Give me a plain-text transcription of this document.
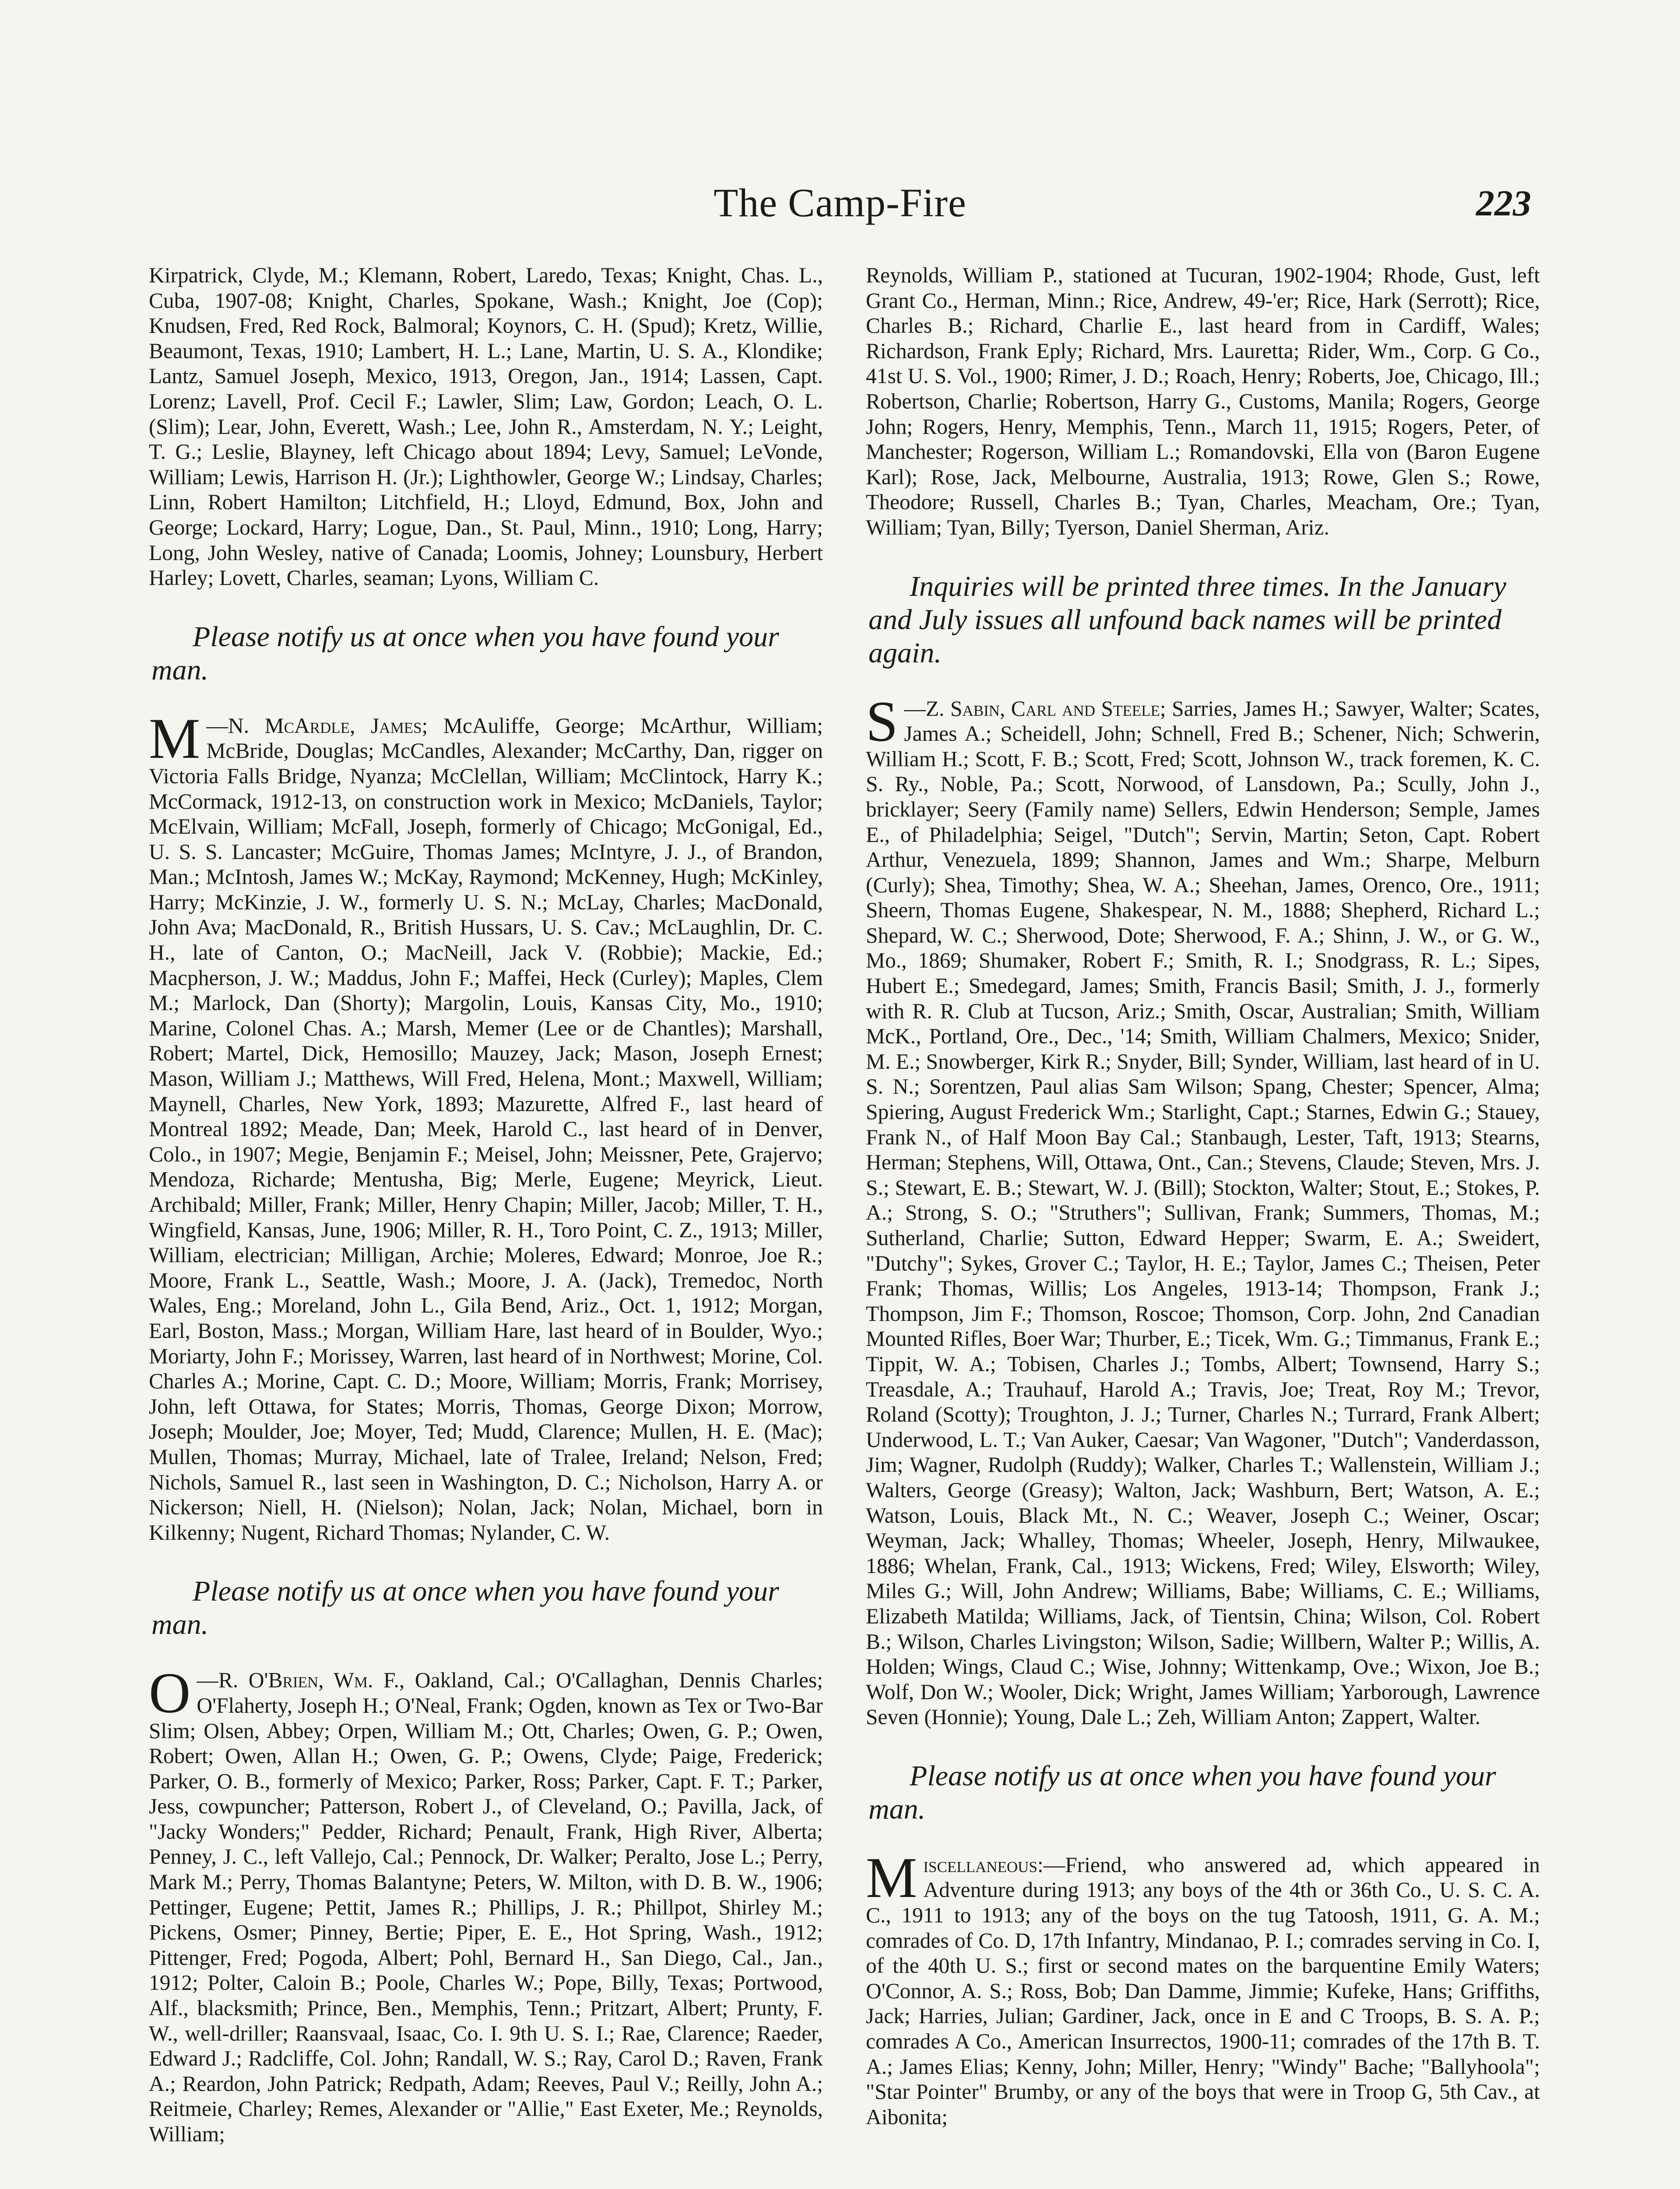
The Camp-Fire	223

Kirpatrick, Clyde, M.; Klemann, Robert, Laredo, Texas; Knight, Chas. L., Cuba, 1907-08; Knight, Charles, Spokane, Wash.; Knight, Joe (Cop); Knudsen, Fred, Red Rock, Balmoral; Koynors, C. H. (Spud); Kretz, Willie, Beaumont, Texas, 1910; Lambert, H. L.; Lane, Martin, U. S. A., Klondike; Lantz, Samuel Joseph, Mexico, 1913, Oregon, Jan., 1914; Lassen, Capt. Lorenz; Lavell, Prof. Cecil F.; Lawler, Slim; Law, Gordon; Leach, O. L. (Slim); Lear, John, Everett, Wash.; Lee, John R., Amsterdam, N. Y.; Leight, T. G.; Leslie, Blayney, left Chicago about 1894; Levy, Samuel; LeVonde, William; Lewis, Harrison H. (Jr.); Lighthowler, George W.; Lindsay, Charles; Linn, Robert Hamilton; Litchfield, H.; Lloyd, Edmund, Box, John and George; Lockard, Harry; Logue, Dan., St. Paul, Minn., 1910; Long, Harry; Long, John Wesley, native of Canada; Loomis, Johney; Lounsbury, Herbert Harley; Lovett, Charles, seaman; Lyons, William C.

Please notify us at once when you have found your man.

M —N. McArdle, James; McAuliffe, George; McArthur, William; McBride, Douglas; McCandles, Alexander; McCarthy, Dan, rigger on Victoria Falls Bridge, Nyanza; McClellan, William; McClintock, Harry K.; McCormack, 1912-13, on construction work in Mexico; McDaniels, Taylor; McElvain, William; McFall, Joseph, formerly of Chicago; McGonigal, Ed., U. S. S. Lancaster; McGuire, Thomas James; McIntyre, J. J., of Brandon, Man.; McIntosh, James W.; McKay, Raymond; McKenney, Hugh; McKinley, Harry; McKinzie, J. W., formerly U. S. N.; McLay, Charles; MacDonald, John Ava; MacDonald, R., British Hussars, U. S. Cav.; McLaughlin, Dr. C. H., late of Canton, O.; MacNeill, Jack V. (Robbie); Mackie, Ed.; Macpherson, J. W.; Maddus, John F.; Maffei, Heck (Curley); Maples, Clem M.; Marlock, Dan (Shorty); Margolin, Louis, Kansas City, Mo., 1910; Marine, Colonel Chas. A.; Marsh, Memer (Lee or de Chantles); Marshall, Robert; Martel, Dick, Hemosillo; Mauzey, Jack; Mason, Joseph Ernest; Mason, William J.; Matthews, Will Fred, Helena, Mont.; Maxwell, William; Maynell, Charles, New York, 1893; Mazurette, Alfred F., last heard of Montreal 1892; Meade, Dan; Meek, Harold C., last heard of in Denver, Colo., in 1907; Megie, Benjamin F.; Meisel, John; Meissner, Pete, Grajervo; Mendoza, Richarde; Mentusha, Big; Merle, Eugene; Meyrick, Lieut. Archibald; Miller, Frank; Miller, Henry Chapin; Miller, Jacob; Miller, T. H., Wingfield, Kansas, June, 1906; Miller, R. H., Toro Point, C. Z., 1913; Miller, William, electrician; Milligan, Archie; Moleres, Edward; Monroe, Joe R.; Moore, Frank L., Seattle, Wash.; Moore, J. A. (Jack), Tremedoc, North Wales, Eng.; Moreland, John L., Gila Bend, Ariz., Oct. 1, 1912; Morgan, Earl, Boston, Mass.; Morgan, William Hare, last heard of in Boulder, Wyo.; Moriarty, John F.; Morissey, Warren, last heard of in Northwest; Morine, Col. Charles A.; Morine, Capt. C. D.; Moore, William; Morris, Frank; Morrisey, John, left Ottawa, for States; Morris, Thomas, George Dixon; Morrow, Joseph; Moulder, Joe; Moyer, Ted; Mudd, Clarence; Mullen, H. E. (Mac); Mullen, Thomas; Murray, Michael, late of Tralee, Ireland; Nelson, Fred; Nichols, Samuel R., last seen in Washington, D. C.; Nicholson, Harry A. or Nickerson; Niell, H. (Nielson); Nolan, Jack; Nolan, Michael, born in Kilkenny; Nugent, Richard Thomas; Nylander, C. W.

Please notify us at once when you have found your man.

O —R. O'Brien, Wm. F., Oakland, Cal.; O'Callaghan, Dennis Charles; O'Flaherty, Joseph H.; O'Neal, Frank; Ogden, known as Tex or Two-Bar Slim; Olsen, Abbey; Orpen, William M.; Ott, Charles; Owen, G. P.; Owen, Robert; Owen, Allan H.; Owen, G. P.; Owens, Clyde; Paige, Frederick; Parker, O. B., formerly of Mexico; Parker, Ross; Parker, Capt. F. T.; Parker, Jess, cowpuncher; Patterson, Robert J., of Cleveland, O.; Pavilla, Jack, of "Jacky Wonders;" Pedder, Richard; Penault, Frank, High River, Alberta; Penney, J. C., left Vallejo, Cal.; Pennock, Dr. Walker; Peralto, Jose L.; Perry, Mark M.; Perry, Thomas Balantyne; Peters, W. Milton, with D. B. W., 1906; Pettinger, Eugene; Pettit, James R.; Phillips, J. R.; Phillpot, Shirley M.; Pickens, Osmer; Pinney, Bertie; Piper, E. E., Hot Spring, Wash., 1912; Pittenger, Fred; Pogoda, Albert; Pohl, Bernard H., San Diego, Cal., Jan., 1912; Polter, Caloin B.; Poole, Charles W.; Pope, Billy, Texas; Portwood, Alf., blacksmith; Prince, Ben., Memphis, Tenn.; Pritzart, Albert; Prunty, F. W., well-driller; Raansvaal, Isaac, Co. I. 9th U. S. I.; Rae, Clarence; Raeder, Edward J.; Radcliffe, Col. John; Randall, W. S.; Ray, Carol D.; Raven, Frank A.; Reardon, John Patrick; Redpath, Adam; Reeves, Paul V.; Reilly, John A.; Reitmeie, Charley; Remes, Alexander or "Allie," East Exeter, Me.; Reynolds, William;

Reynolds, William P., stationed at Tucuran, 1902-1904; Rhode, Gust, left Grant Co., Herman, Minn.; Rice, Andrew, 49-'er; Rice, Hark (Serrott); Rice, Charles B.; Richard, Charlie E., last heard from in Cardiff, Wales; Richardson, Frank Eply; Richard, Mrs. Lauretta; Rider, Wm., Corp. G Co., 41st U. S. Vol., 1900; Rimer, J. D.; Roach, Henry; Roberts, Joe, Chicago, Ill.; Robertson, Charlie; Robertson, Harry G., Customs, Manila; Rogers, George John; Rogers, Henry, Memphis, Tenn., March 11, 1915; Rogers, Peter, of Manchester; Rogerson, William L.; Romandovski, Ella von (Baron Eugene Karl); Rose, Jack, Melbourne, Australia, 1913; Rowe, Glen S.; Rowe, Theodore; Russell, Charles B.; Tyan, Charles, Meacham, Ore.; Tyan, William; Tyan, Billy; Tyerson, Daniel Sherman, Ariz.

Inquiries will be printed three times. In the January and July issues all unfound back names will be printed again.

S —Z. Sabin, Carl and Steele; Sarries, James H.; Sawyer, Walter; Scates, James A.; Scheidell, John; Schnell, Fred B.; Schener, Nich; Schwerin, William H.; Scott, F. B.; Scott, Fred; Scott, Johnson W., track foremen, K. C. S. Ry., Noble, Pa.; Scott, Norwood, of Lansdown, Pa.; Scully, John J., bricklayer; Seery (Family name) Sellers, Edwin Henderson; Semple, James E., of Philadelphia; Seigel, "Dutch"; Servin, Martin; Seton, Capt. Robert Arthur, Venezuela, 1899; Shannon, James and Wm.; Sharpe, Melburn (Curly); Shea, Timothy; Shea, W. A.; Sheehan, James, Orenco, Ore., 1911; Sheern, Thomas Eugene, Shakespear, N. M., 1888; Shepherd, Richard L.; Shepard, W. C.; Sherwood, Dote; Sherwood, F. A.; Shinn, J. W., or G. W., Mo., 1869; Shumaker, Robert F.; Smith, R. I.; Snodgrass, R. L.; Sipes, Hubert E.; Smedegard, James; Smith, Francis Basil; Smith, J. J., formerly with R. R. Club at Tucson, Ariz.; Smith, Oscar, Australian; Smith, William McK., Portland, Ore., Dec., '14; Smith, William Chalmers, Mexico; Snider, M. E.; Snowberger, Kirk R.; Snyder, Bill; Synder, William, last heard of in U. S. N.; Sorentzen, Paul alias Sam Wilson; Spang, Chester; Spencer, Alma; Spiering, August Frederick Wm.; Starlight, Capt.; Starnes, Edwin G.; Stauey, Frank N., of Half Moon Bay Cal.; Stanbaugh, Lester, Taft, 1913; Stearns, Herman; Stephens, Will, Ottawa, Ont., Can.; Stevens, Claude; Steven, Mrs. J. S.; Stewart, E. B.; Stewart, W. J. (Bill); Stockton, Walter; Stout, E.; Stokes, P. A.; Strong, S. O.; "Struthers"; Sullivan, Frank; Summers, Thomas, M.; Sutherland, Charlie; Sutton, Edward Hepper; Swarm, E. A.; Sweidert, "Dutchy"; Sykes, Grover C.; Taylor, H. E.; Taylor, James C.; Theisen, Peter Frank; Thomas, Willis; Los Angeles, 1913-14; Thompson, Frank J.; Thompson, Jim F.; Thomson, Roscoe; Thomson, Corp. John, 2nd Canadian Mounted Rifles, Boer War; Thurber, E.; Ticek, Wm. G.; Timmanus, Frank E.; Tippit, W. A.; Tobisen, Charles J.; Tombs, Albert; Townsend, Harry S.; Treasdale, A.; Trauhauf, Harold A.; Travis, Joe; Treat, Roy M.; Trevor, Roland (Scotty); Troughton, J. J.; Turner, Charles N.; Turrard, Frank Albert; Underwood, L. T.; Van Auker, Caesar; Van Wagoner, "Dutch"; Vanderdasson, Jim; Wagner, Rudolph (Ruddy); Walker, Charles T.; Wallenstein, William J.; Walters, George (Greasy); Walton, Jack; Washburn, Bert; Watson, A. E.; Watson, Louis, Black Mt., N. C.; Weaver, Joseph C.; Weiner, Oscar; Weyman, Jack; Whalley, Thomas; Wheeler, Joseph, Henry, Milwaukee, 1886; Whelan, Frank, Cal., 1913; Wickens, Fred; Wiley, Elsworth; Wiley, Miles G.; Will, John Andrew; Williams, Babe; Williams, C. E.; Williams, Elizabeth Matilda; Williams, Jack, of Tientsin, China; Wilson, Col. Robert B.; Wilson, Charles Livingston; Wilson, Sadie; Willbern, Walter P.; Willis, A. Holden; Wings, Claud C.; Wise, Johnny; Wittenkamp, Ove.; Wixon, Joe B.; Wolf, Don W.; Wooler, Dick; Wright, James William; Yarborough, Lawrence Seven (Honnie); Young, Dale L.; Zeh, William Anton; Zappert, Walter.

Please notify us at once when you have found your man.

Miscellaneous:—Friend, who answered ad, which appeared in Adventure during 1913; any boys of the 4th or 36th Co., U. S. C. A. C., 1911 to 1913; any of the boys on the tug Tatoosh, 1911, G. A. M.; comrades of Co. D, 17th Infantry, Mindanao, P. I.; comrades serving in Co. I, of the 40th U. S.; first or second mates on the barquentine Emily Waters; O'Connor, A. S.; Ross, Bob; Dan Damme, Jimmie; Kufeke, Hans; Griffiths, Jack; Harries, Julian; Gardiner, Jack, once in E and C Troops, B. S. A. P.; comrades A Co., American Insurrectos, 1900-11; comrades of the 17th B. T. A.; James Elias; Kenny, John; Miller, Henry; "Windy" Bache; "Ballyhoola"; "Star Pointer" Brumby, or any of the boys that were in Troop G, 5th Cav., at Aibonita;
